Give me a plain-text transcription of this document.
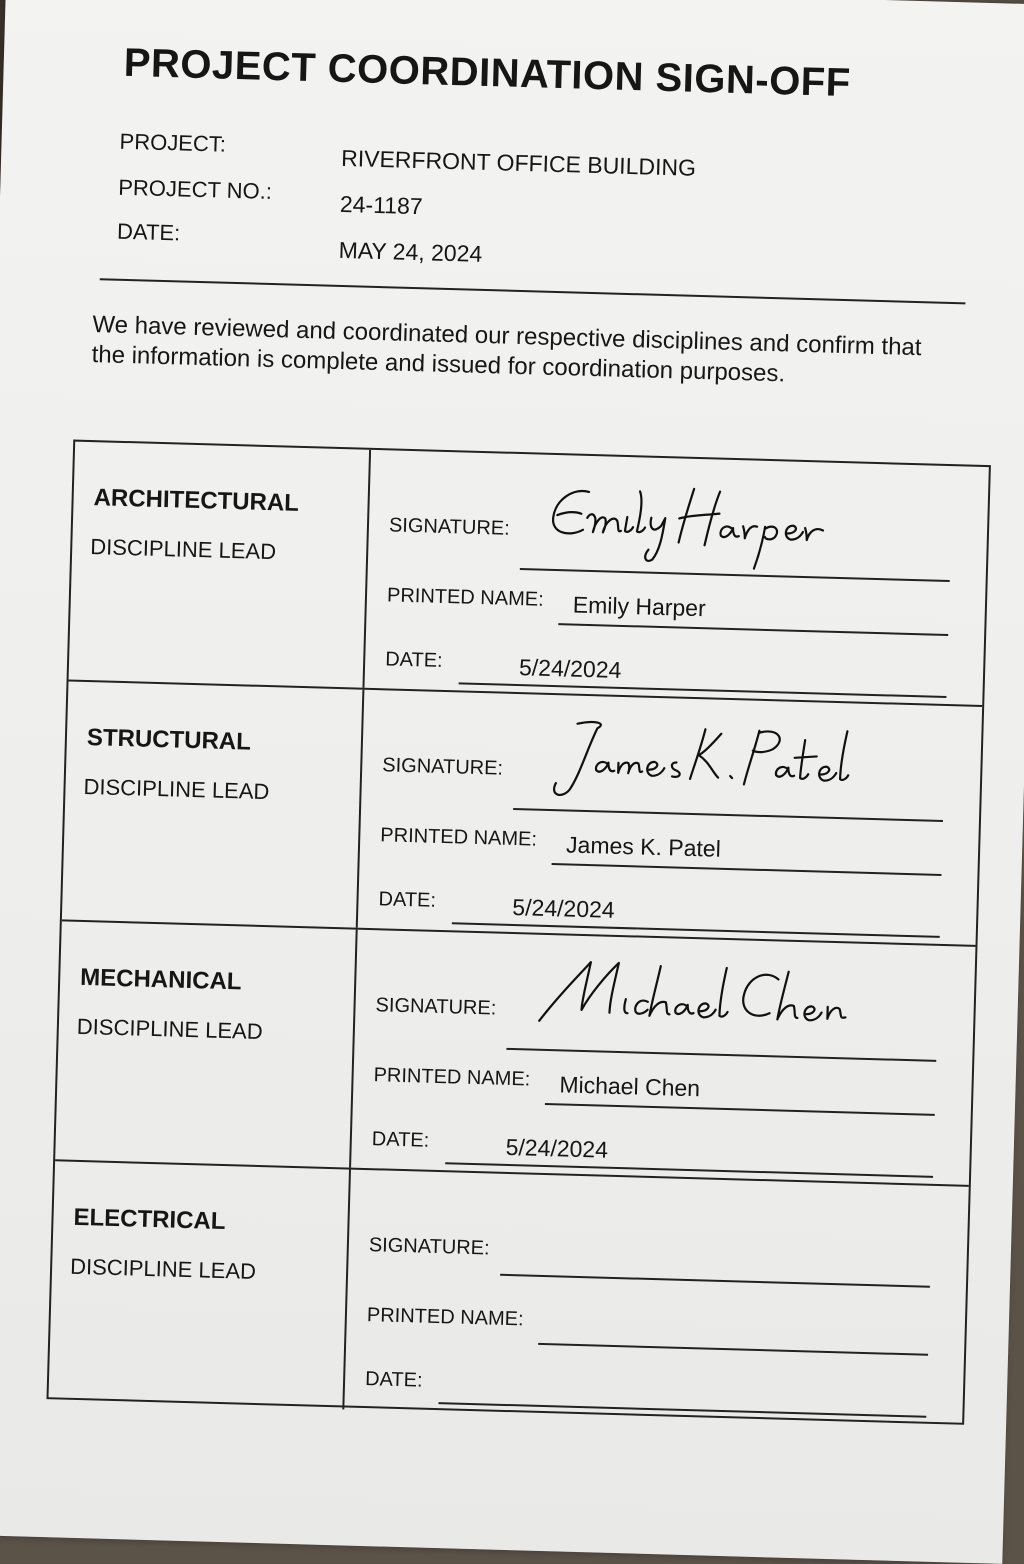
PROJECT COORDINATION SIGN-OFF
PROJECT:
RIVERFRONT OFFICE BUILDING
PROJECT NO.:
24-1187
DATE:
MAY 24, 2024
We have reviewed and coordinated our respective disciplines and confirm that the information is complete and issued for coordination purposes.
ARCHITECTURAL
DISCIPLINE LEAD
SIGNATURE:
PRINTED NAME: Emily Harper
DATE:	5/24/2024
STRUCTURAL
DISCIPLINE LEAD
SIGNATURE:
PRINTED NAME: James K. Patel
DATE:	5/24/2024
MECHANICAL
DISCIPLINE LEAD
SIGNATURE:
PRINTED NAME: Michael Chen
DATE:	5/24/2024
ELECTRICAL
DISCIPLINE LEAD
SIGNATURE:
PRINTED NAME:
DATE:
